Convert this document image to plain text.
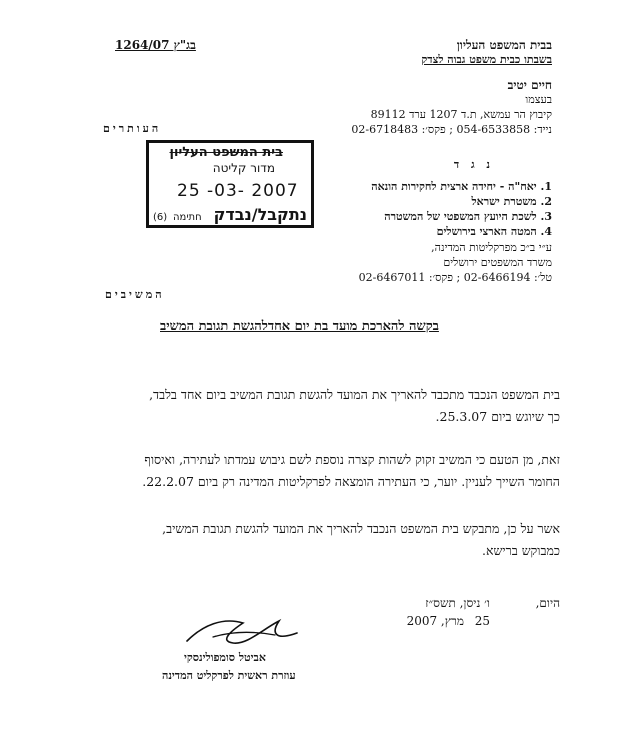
בבית המשפט העליון
בשבתו כבית משפט גבוה לצדק
בג"ץ 1264/07
חיים יטיב
בעצמו
קיבוץ הר עמשא, ת.ד 1207 ערד 89112
נייד: 054-6533858 ; פקס׳: 02-6718483
העותרים
בית המשפט העליון
מדור קליטה
25 -03- 2007
נתקבל/נבדק
חתימה
(6)
נ ג ד
1. יאח"ה - יחידה ארצית לחקירות הונאה
2. משטרת ישראל
3. לשכת היועץ המשפטי של המשטרה
4. המטה הארצי בירושלים
ע״י ב״כ מפרקליטות המדינה,
משרד המשפטים ירושלים
טל׳: 02-6466194 ; פקס׳: 02-6467011
המשיבים
בקשה להארכת מועד בת יום אחדלהגשת תגובת המשיב
בית המשפט הנכבד מתכבד להאריך את המועד להגשת תגובת המשיב ביום אחד בלבד,
כך שיוגש ביום 25.3.07.
זאת, מן הטעם כי המשיב זקוק לשהות קצרה נוספת לשם גיבוש עמדתו לעתירה, ואיסוף
החומר השייך לעניין. יוער, כי העתירה הומצאה לפרקליטות המדינה רק ביום 22.2.07.
אשר על כן, מתבקש בית המשפט הנכבד להאריך את המועד להגשת תגובת המשיב,
כמבוקש ברישא.
היום,
ו׳ ניסן, תשס״ז
25
מרץ, 2007
אביטל סומפולינסקי
עוזרת ראשית לפרקליט המדינה
